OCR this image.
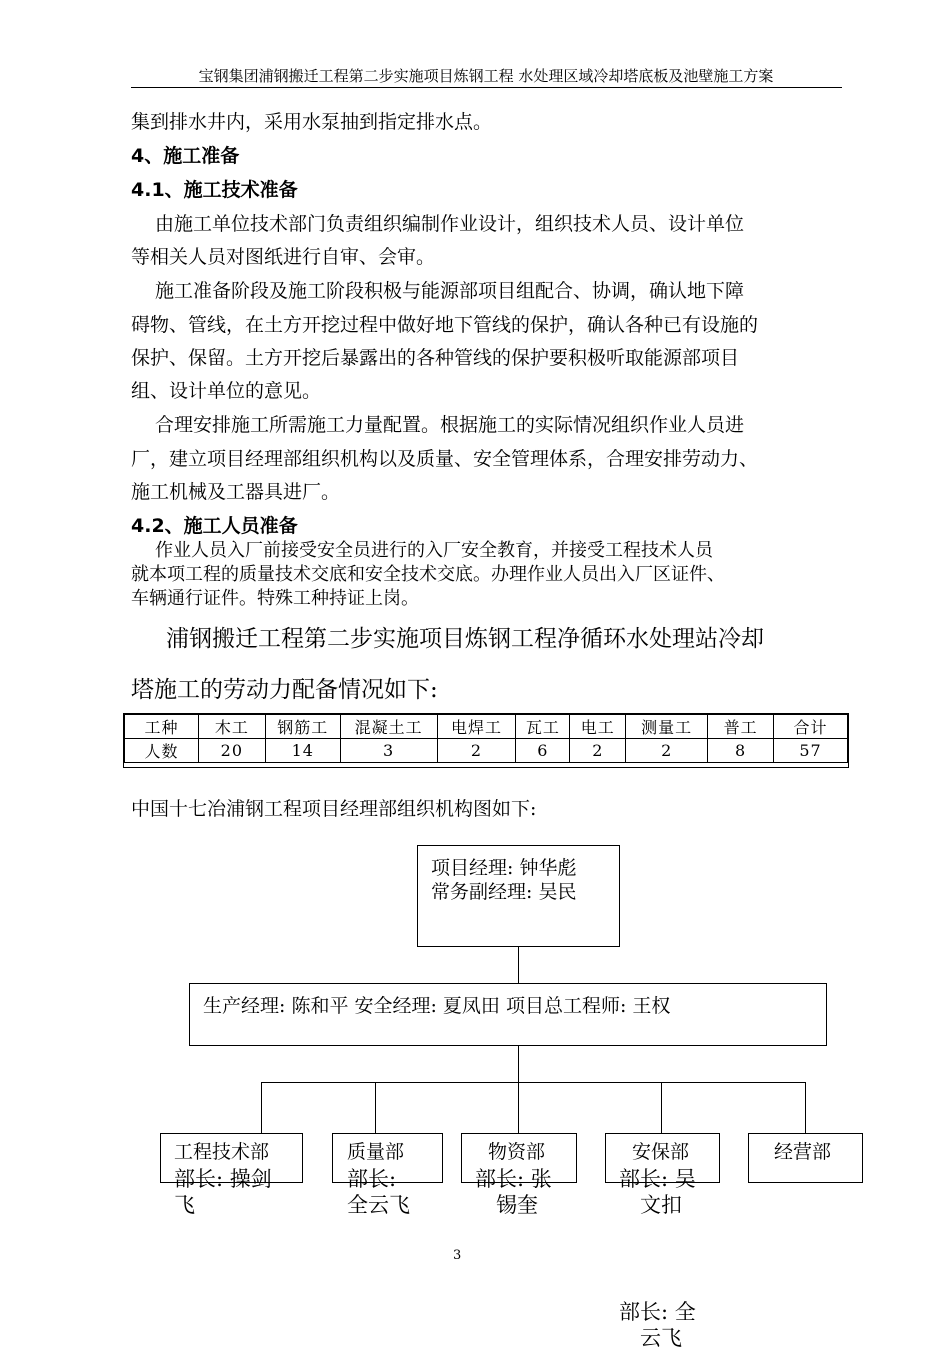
宝钢集团浦钢搬迁工程第二步实施项目炼钢工程 水处理区域冷却塔底板及池壁施工方案
集到排水井内，采用水泵抽到指定排水点。
4、施工准备
4.1、施工技术准备
由施工单位技术部门负责组织编制作业设计，组织技术人员、设计单位
等相关人员对图纸进行自审、会审。
施工准备阶段及施工阶段积极与能源部项目组配合、协调，确认地下障
碍物、管线，在土方开挖过程中做好地下管线的保护，确认各种已有设施的
保护、保留。土方开挖后暴露出的各种管线的保护要积极听取能源部项目
组、设计单位的意见。
合理安排施工所需施工力量配置。根据施工的实际情况组织作业人员进
厂，建立项目经理部组织机构以及质量、安全管理体系，合理安排劳动力、
施工机械及工器具进厂。
4.2、施工人员准备
作业人员入厂前接受安全员进行的入厂安全教育，并接受工程技术人员
就本项工程的质量技术交底和安全技术交底。办理作业人员出入厂区证件、
车辆通行证件。特殊工种持证上岗。
浦钢搬迁工程第二步实施项目炼钢工程净循环水处理站冷却
塔施工的劳动力配备情况如下:
工种	木工	钢筋工	混凝土工	电焊工	瓦工	电工	测量工	普工	合计
人数	20	14	3	2	6	2	2	8	57
中国十七冶浦钢工程项目经理部组织机构图如下:
项目经理: 钟华彪
常务副经理: 吴民
生产经理: 陈和平 安全经理: 夏凤田 项目总工程师: 王权
工程技术部
部长: 操剑
飞
质量部
部长:
全云飞
物资部
部长: 张
锡奎
安保部
部长: 吴
文扣
经营部
3
部长: 全
云飞
